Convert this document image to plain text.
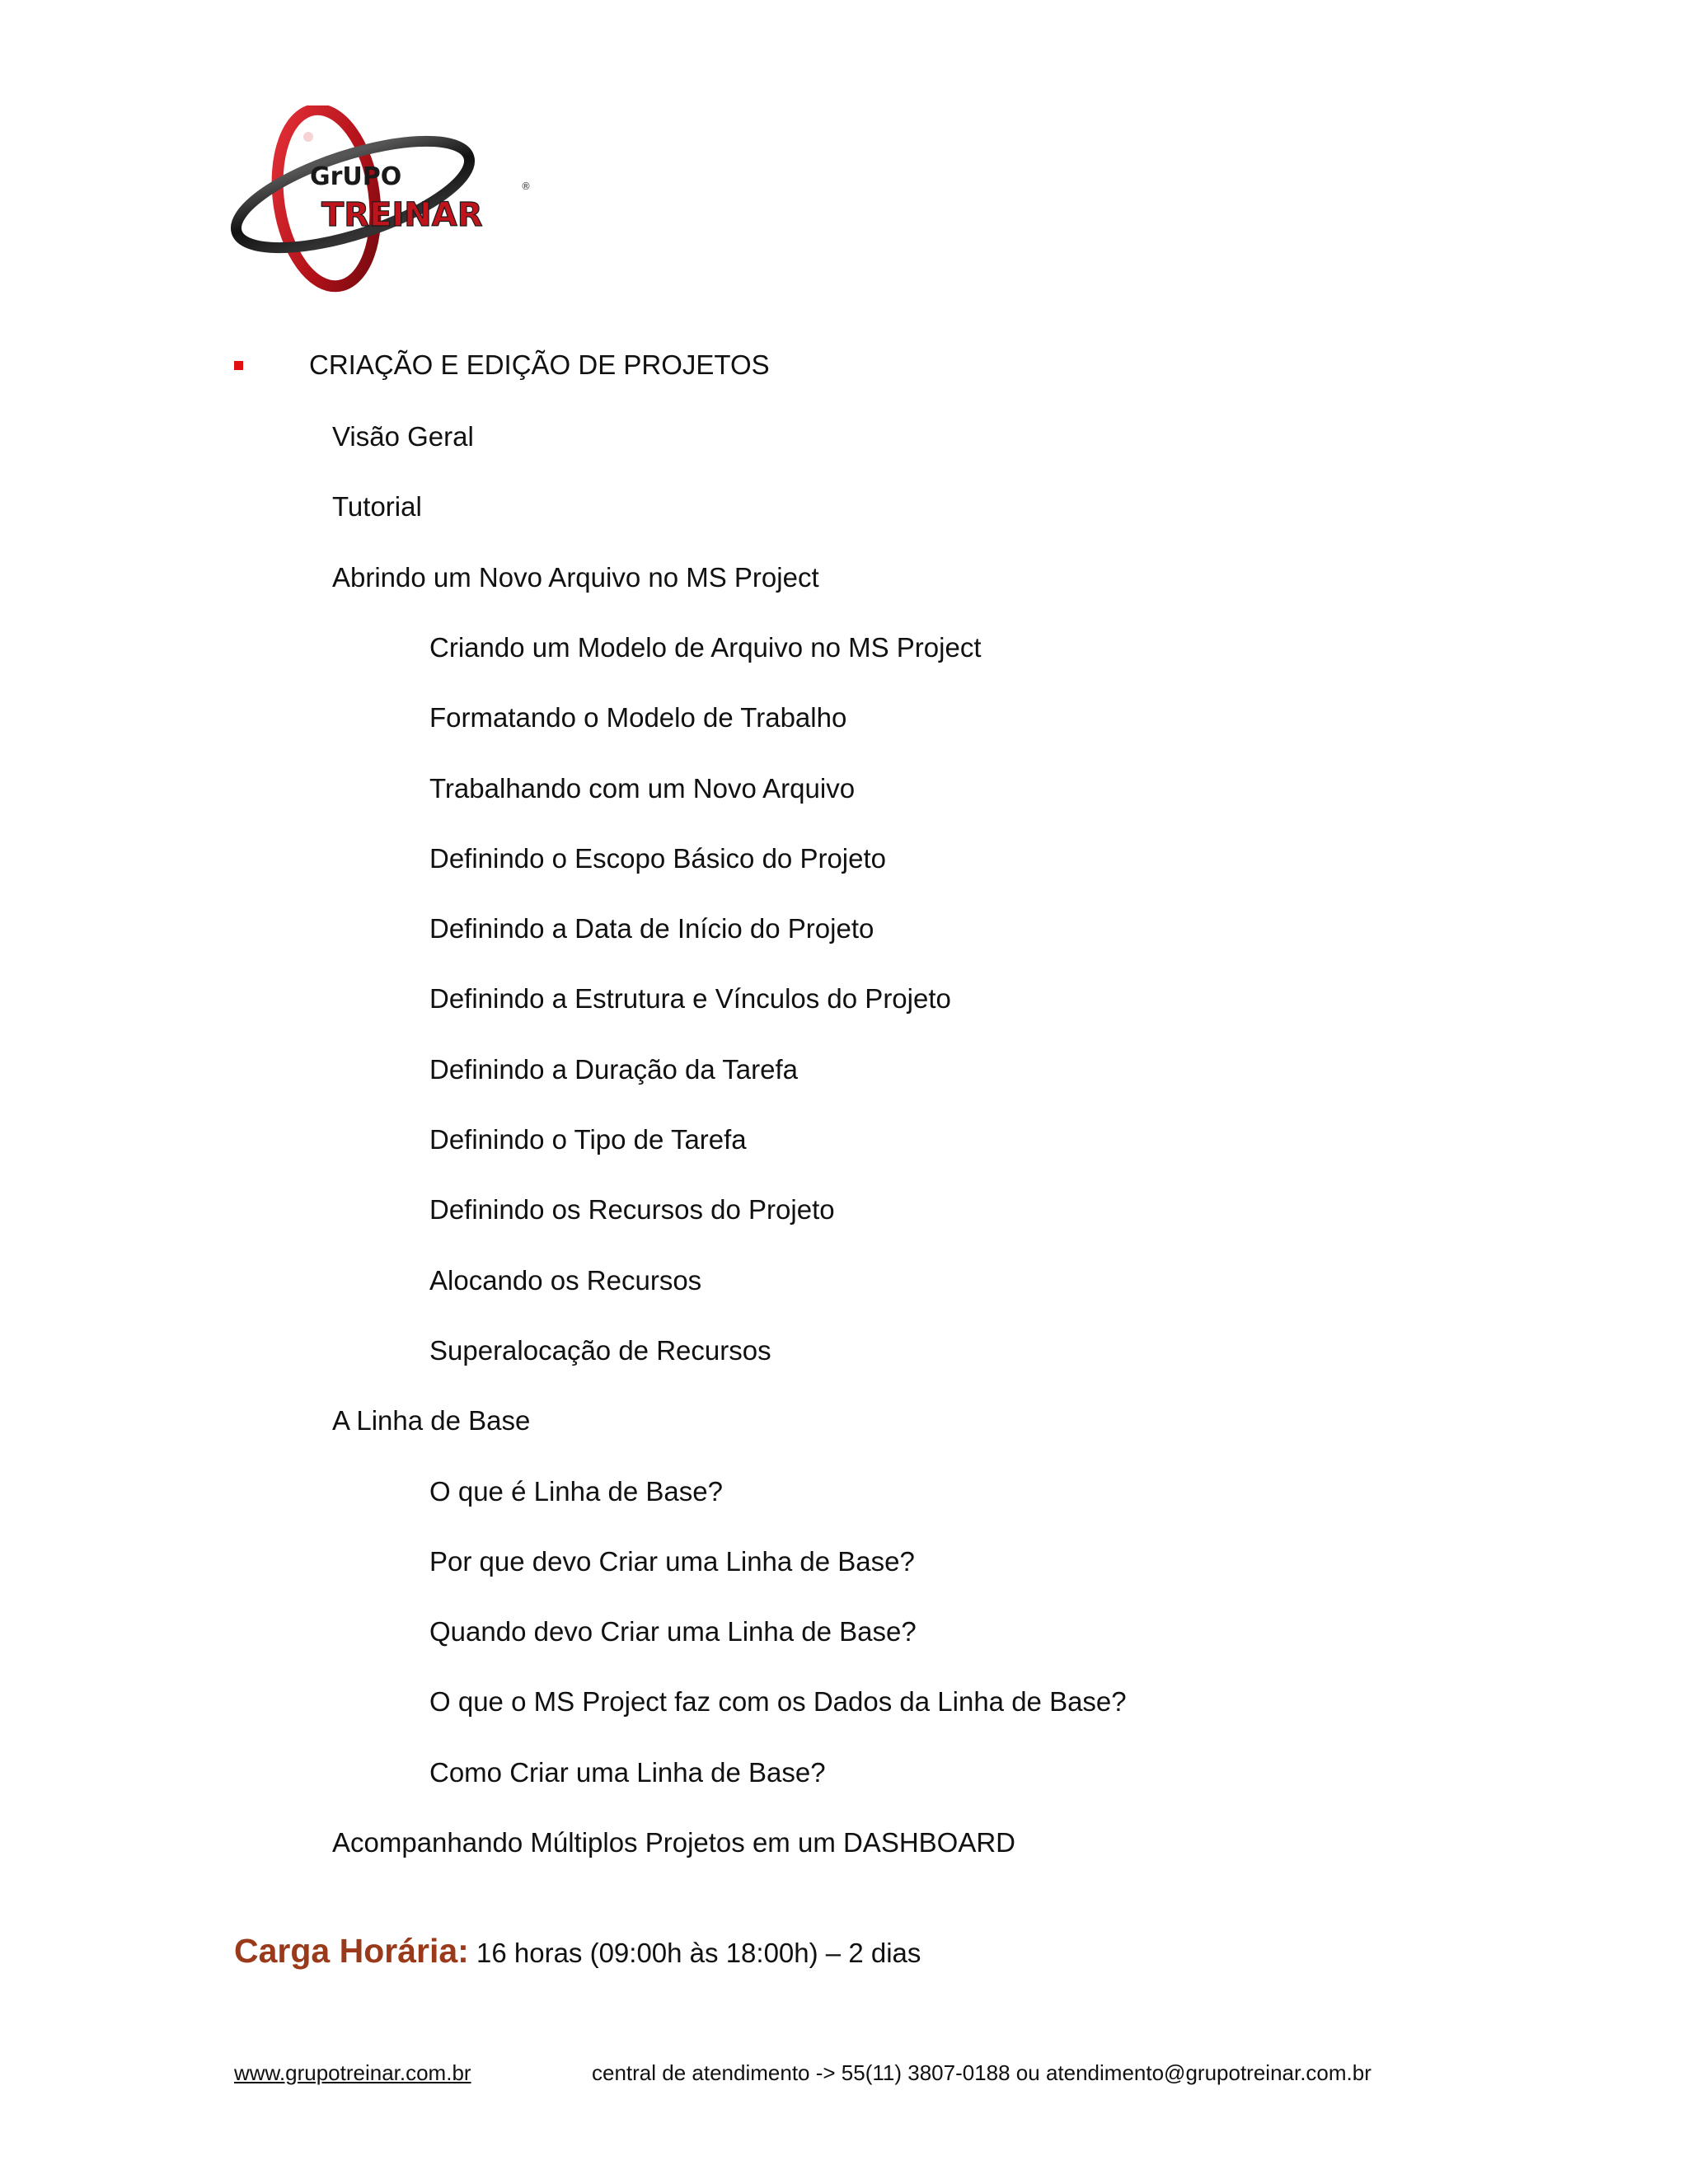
GrUPO
TREINAR
®
CRIAÇÃO E EDIÇÃO DE PROJETOS
Visão Geral
Tutorial
Abrindo um Novo Arquivo no MS Project
Criando um Modelo de Arquivo no MS Project
Formatando o Modelo de Trabalho
Trabalhando com um Novo Arquivo
Definindo o Escopo Básico do Projeto
Definindo a Data de Início do Projeto
Definindo a Estrutura e Vínculos do Projeto
Definindo a Duração da Tarefa
Definindo o Tipo de Tarefa
Definindo os Recursos do Projeto
Alocando os Recursos
Superalocação de Recursos
A Linha de Base
O que é Linha de Base?
Por que devo Criar uma Linha de Base?
Quando devo Criar uma Linha de Base?
O que o MS Project faz com os Dados da Linha de Base?
Como Criar uma Linha de Base?
Acompanhando Múltiplos Projetos em um DASHBOARD
Carga Horária: 16 horas (09:00h às 18:00h) – 2 dias
www.grupotreinar.com.br	central de atendimento -> 55(11) 3807-0188 ou atendimento@grupotreinar.com.br
